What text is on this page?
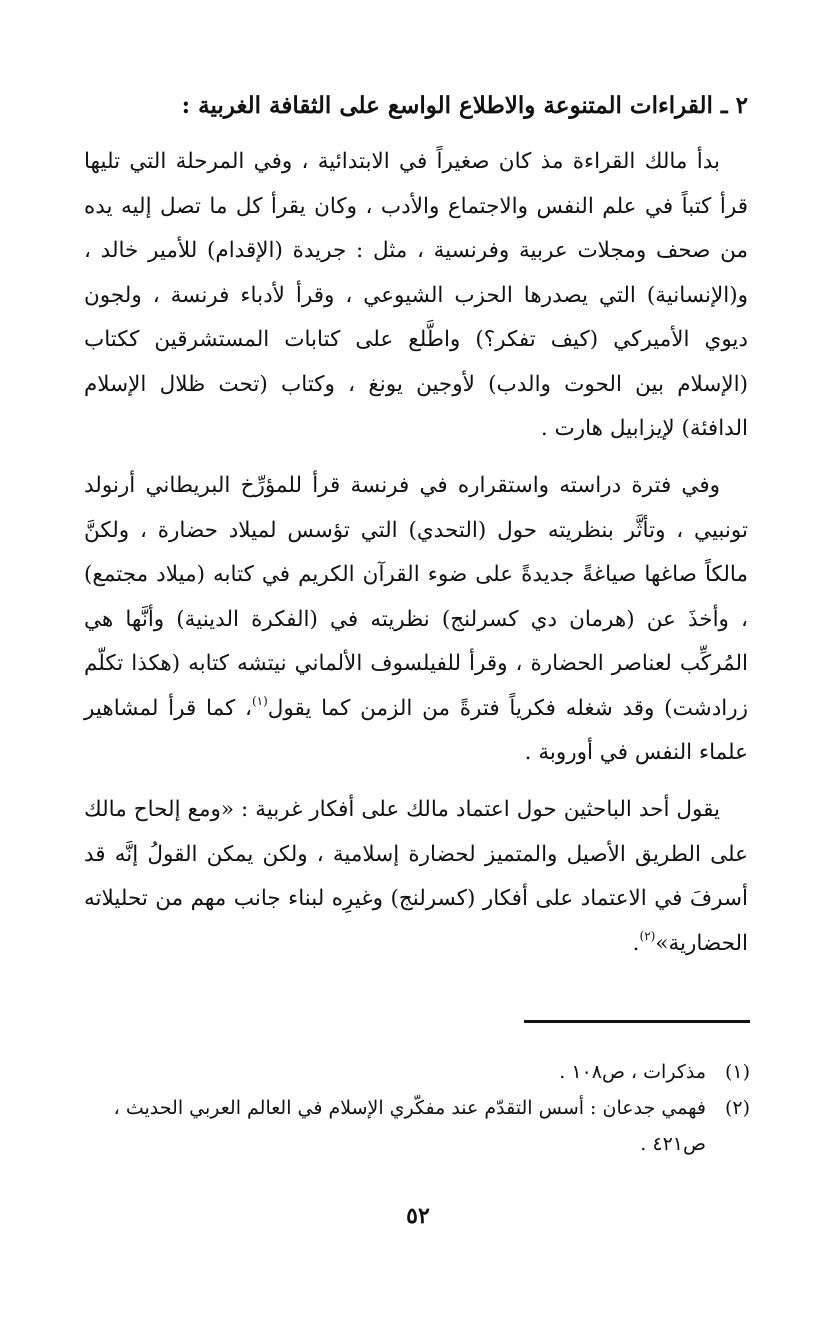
٢ ـ القراءات المتنوعة والاطلاع الواسع على الثقافة الغربية :

بدأ مالك القراءة مذ كان صغيراً في الابتدائية ، وفي المرحلة التي تليها قرأ كتباً في علم النفس والاجتماع والأدب ، وكان يقرأ كل ما تصل إليه يده من صحف ومجلات عربية وفرنسية ، مثل : جريدة (الإقدام) للأمير خالد ، و(الإنسانية) التي يصدرها الحزب الشيوعي ، وقرأ لأدباء فرنسة ، ولجون ديوي الأميركي (كيف تفكر؟) واطَّلع على كتابات المستشرقين ككتاب (الإسلام بين الحوت والدب) لأوجين يونغ ، وكتاب (تحت ظلال الإسلام الدافئة) لإيزابيل هارت .

وفي فترة دراسته واستقراره في فرنسة قرأ للمؤرِّخ البريطاني أرنولد تونبيي ، وتأثَّر بنظريته حول (التحدي) التي تؤسس لميلاد حضارة ، ولكنَّ مالكاً صاغها صياغةً جديدةً على ضوء القرآن الكريم في كتابه (ميلاد مجتمع) ، وأخذَ عن (هرمان دي كسرلنج) نظريته في (الفكرة الدينية) وأنَّها هي المُركِّب لعناصر الحضارة ، وقرأ للفيلسوف الألماني نيتشه كتابه (هكذا تكلّم زرادشت) وقد شغله فكرياً فترةً من الزمن كما يقول$^{(١)}$، كما قرأ لمشاهير علماء النفس في أوروبة .

يقول أحد الباحثين حول اعتماد مالك على أفكار غربية : «ومع إلحاح مالك على الطريق الأصيل والمتميز لحضارة إسلامية ، ولكن يمكن القولُ إنَّه قد أسرفَ في الاعتماد على أفكار (كسرلنج) وغيرِه لبناء جانب مهم من تحليلاته الحضارية»$^{(٢)}$.

(١)
مذكرات ، ص١٠٨ .
(٢)
فهمي جدعان : أسس التقدّم عند مفكّري الإسلام في العالم العربي الحديث ، ص٤٢١ .
٥٢
